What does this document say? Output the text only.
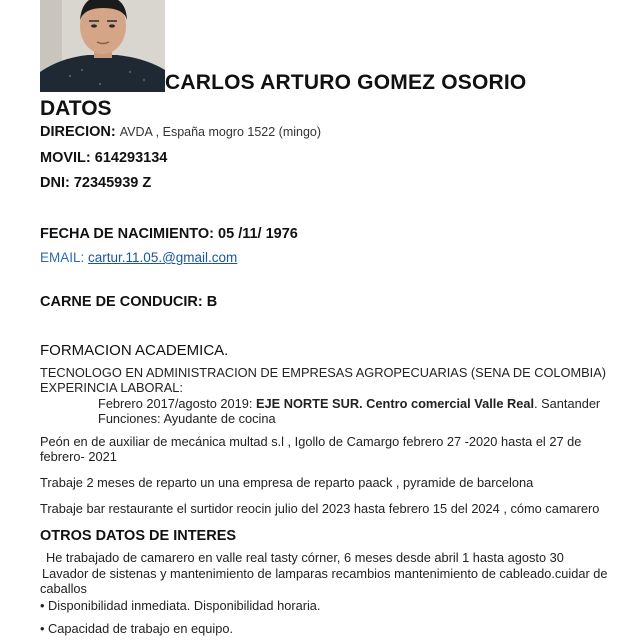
CARLOS ARTURO GOMEZ OSORIO
DATOS
DIRECION: AVDA , España mogro 1522 (mingo)
MOVIL: 614293134
DNI: 72345939 Z
FECHA DE NACIMIENTO: 05 /11/ 1976
EMAIL: cartur.11.05.@gmail.com
CARNE DE CONDUCIR: B
FORMACION ACADEMICA.
TECNOLOGO EN ADMINISTRACION DE EMPRESAS AGROPECUARIAS (SENA DE COLOMBIA)
EXPERINCIA LABORAL:
Febrero 2017/agosto 2019: EJE NORTE SUR. Centro comercial Valle Real. Santander
Funciones: Ayudante de cocina
Peón en de auxiliar de mecánica multad s.l , Igollo de Camargo febrero 27 -2020 hasta el 27 de
febrero- 2021
Trabaje 2 meses de reparto un una empresa de reparto paack , pyramide de barcelona
Trabaje bar restaurante el surtidor reocin julio del 2023 hasta febrero 15 del 2024 , cómo camarero
OTROS DATOS DE INTERES
He trabajado de camarero en valle real tasty córner, 6 meses desde abril 1 hasta agosto 30
Lavador de sistenas y mantenimiento de lamparas recambios mantenimiento de cableado.cuidar de
caballos
• Disponibilidad inmediata. Disponibilidad horaria.
• Capacidad de trabajo en equipo.
